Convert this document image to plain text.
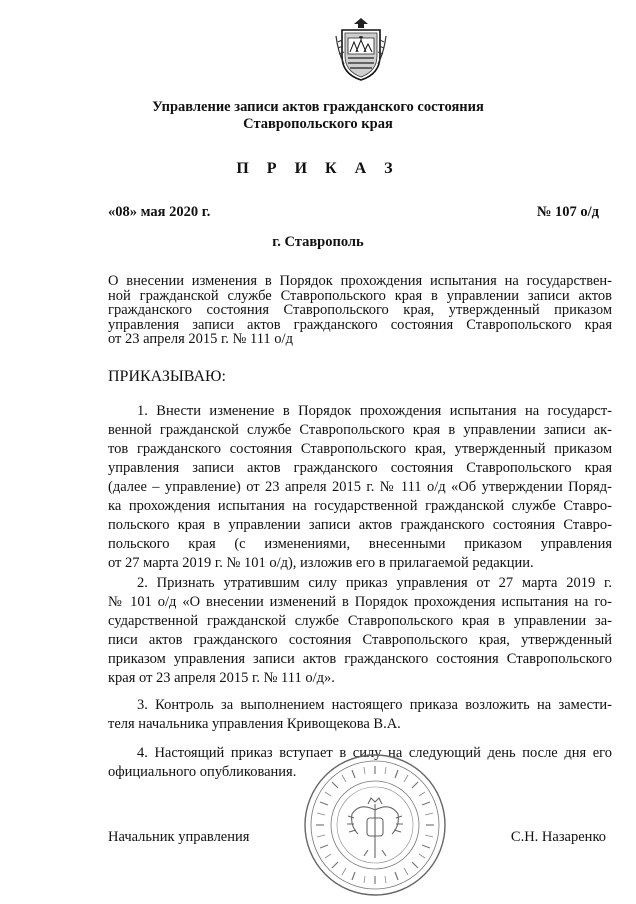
Управление записи актов гражданского состояния
Ставропольского края
П Р И К А З
«08» мая 2020 г.	№ 107 о/д
г. Ставрополь
О внесении изменения в Порядок прохождения испытания на государствен-
ной гражданской службе Ставропольского края в управлении записи актов
гражданского состояния Ставропольского края, утвержденный приказом
управления записи актов гражданского состояния Ставропольского края
от 23 апреля 2015 г. № 111 о/д
ПРИКАЗЫВАЮ:
1. Внести изменение в Порядок прохождения испытания на государст-
венной гражданской службе Ставропольского края в управлении записи ак-
тов гражданского состояния Ставропольского края, утвержденный приказом
управления записи актов гражданского состояния Ставропольского края
(далее – управление) от 23 апреля 2015 г. № 111 о/д «Об утверждении Поряд-
ка прохождения испытания на государственной гражданской службе Ставро-
польского края в управлении записи актов гражданского состояния Ставро-
польского края (с изменениями, внесенными приказом управления
от 27 марта 2019 г. № 101 о/д), изложив его в прилагаемой редакции.
2. Признать утратившим силу приказ управления от 27 марта 2019 г.
№ 101 о/д «О внесении изменений в Порядок прохождения испытания на го-
сударственной гражданской службе Ставропольского края в управлении за-
писи актов гражданского состояния Ставропольского края, утвержденный
приказом управления записи актов гражданского состояния Ставропольского
края от 23 апреля 2015 г. № 111 о/д».
3. Контроль за выполнением настоящего приказа возложить на замести-
теля начальника управления Кривощекова В.А.
4. Настоящий приказ вступает в силу на следующий день после дня его
официального опубликования.
Начальник управления	С.Н. Назаренко
